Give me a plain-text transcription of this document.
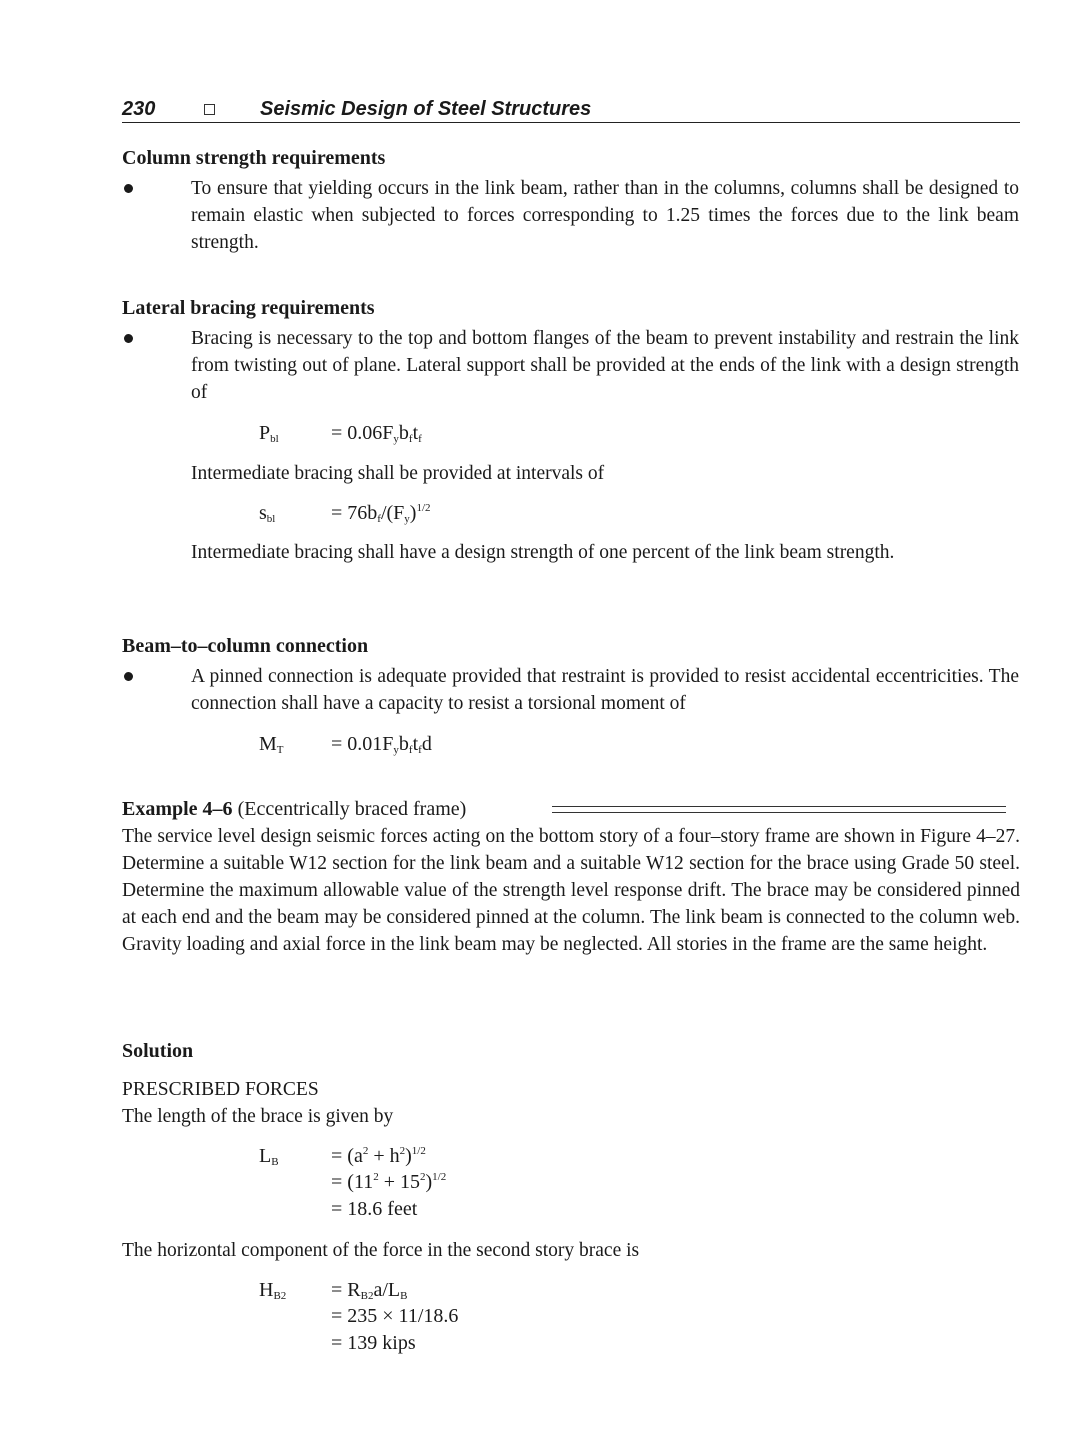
230	Seismic Design of Steel Structures
Column strength requirements
To ensure that yielding occurs in the link beam, rather than in the columns, columns shall be designed to remain elastic when subjected to forces corresponding to 1.25 times the forces due to the link beam strength.
Lateral bracing requirements
Bracing is necessary to the top and bottom flanges of the beam to prevent instability and restrain the link from twisting out of plane. Lateral support shall be provided at the ends of the link with a design strength of
$P_{bl}$	= $0.06F_yb_ft_f$
Intermediate bracing shall be provided at intervals of
$s_{bl}$	= $76b_f/(F_y)^{1/2}$
Intermediate bracing shall have a design strength of one percent of the link beam strength.
Beam–to–column connection
A pinned connection is adequate provided that restraint is provided to resist accidental eccentricities. The connection shall have a capacity to resist a torsional moment of
$M_T = 0.01F_yb_ft_fd$
Example 4–6 (Eccentrically braced frame)
The service level design seismic forces acting on the bottom story of a four–story frame are shown in Figure 4–27. Determine a suitable W12 section for the link beam and a suitable W12 section for the brace using Grade 50 steel. Determine the maximum allowable value of the strength level response drift. The brace may be considered pinned at each end and the beam may be considered pinned at the column. The link beam is connected to the column web. Gravity loading and axial force in the link beam may be neglected. All stories in the frame are the same height.
Solution
PRESCRIBED FORCES
The length of the brace is given by
$L_B$	= $(a^2 + h^2)^{1/2}$
= $(11^2 + 15^2)^{1/2}$
= 18.6 feet
The horizontal component of the force in the second story brace is
$H_{B2} = R_{B2}a/L_B$
= 235 × 11/18.6
= 139 kips
